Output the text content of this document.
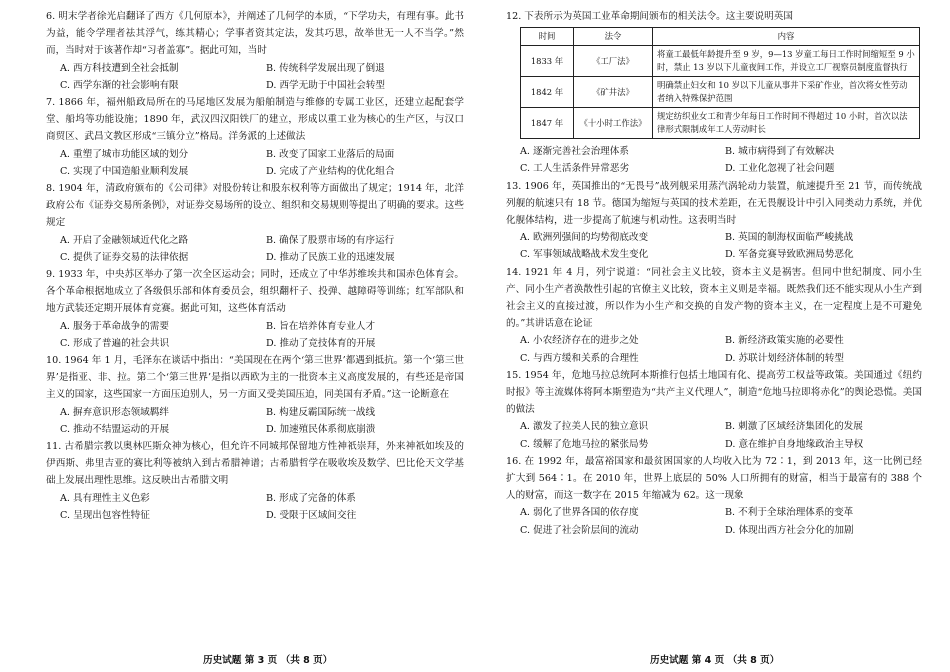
6. 明末学者徐光启翻译了西方《几何原本》，并阐述了几何学的本质，“下学功夫，有理有事。此书为益，能令学理者祛其浮气，练其精心；学事者资其定法，发其巧思，故举世无一人不当学。”然而，当时对于该著作却“习者盖寡”。据此可知，当时
A. 西方科技遭到全社会抵制	B. 传统科学发展出现了倒退
C. 西学东渐的社会影响有限	D. 西学无助于中国社会转型
7. 1866 年，福州船政局所在的马尾地区发展为船舶制造与维修的专属工业区，还建立起配套学堂、船坞等功能设施；1890 年，武汉四汉阳铁厂的建立，形成以重工业为核心的生产区，与汉口商贸区、武昌文教区形成“三镇分立”格局。洋务派的上述做法
A. 重塑了城市功能区域的划分	B. 改变了国家工业落后的局面
C. 实现了中国造船业顺利发展	D. 完成了产业结构的优化组合
8. 1904 年，清政府颁布的《公司律》对股份转让和股东权利等方面做出了规定；1914 年，北洋政府公布《证券交易所条例》，对证券交易场所的设立、组织和交易规则等提出了明确的要求。这些规定
A. 开启了金融领域近代化之路	B. 确保了股票市场的有序运行
C. 提供了证券交易的法律依据	D. 推动了民族工业的迅速发展
9. 1933 年，中央苏区举办了第一次全区运动会；同时，还成立了中华苏维埃共和国赤色体育会。各个革命根据地成立了各级俱乐部和体育委员会，组织翻杆子、投弹、越障碍等训练；红军部队和地方武装还定期开展体育竞赛。据此可知，这些体育活动
A. 服务于革命战争的需要	B. 旨在培养体育专业人才
C. 形成了普遍的社会共识	D. 推动了竞技体育的开展
10. 1964 年 1 月，毛泽东在谈话中指出：“美国现在在两个‘第三世界’都遇到抵抗。第一个‘第三世界’是指亚、非、拉。第二个‘第三世界’是指以西欧为主的一批资本主义高度发展的，有些还是帝国主义的国家，这些国家一方面压迫别人，另一方面又受美国压迫，同美国有矛盾。”这一论断意在
A. 摒弃意识形态领域羁绊	B. 构建反霸国际统一战线
C. 推动不结盟运动的开展	D. 加速殖民体系彻底崩溃
11. 古希腊宗教以奥林匹斯众神为核心，但允许不同城邦保留地方性神祇崇拜，外来神祇如埃及的伊西斯、弗里吉亚的赛比利等被纳入到古希腊神谱；古希腊哲学在吸收埃及数学、巴比伦天文学基础上发展出理性思维。这反映出古希腊文明
A. 具有理性主义色彩	B. 形成了完备的体系
C. 呈现出包容性特征	D. 受限于区域间交往
12. 下表所示为英国工业革命期间颁布的相关法令。这主要说明英国
时间	法令	内容
1833 年	《工厂法》	将童工最低年龄提升至 9 岁，9—13 岁童工每日工作时间缩短至 9 小时，禁止 13 岁以下儿童夜间工作，并设立工厂视察员制度监督执行
1842 年	《矿井法》	明确禁止妇女和 10 岁以下儿童从事井下采矿作业，首次将女性劳动者纳入特殊保护范围
1847 年	《十小时工作法》	规定纺织业女工和青少年每日工作时间不得超过 10 小时，首次以法律形式限制成年工人劳动时长
A. 逐渐完善社会治理体系	B. 城市病得到了有效解决
C. 工人生活条件异常恶劣	D. 工业化忽视了社会问题
13. 1906 年，英国推出的“无畏号”战列舰采用蒸汽涡轮动力装置，航速提升至 21 节，而传统战列舰的航速只有 18 节。德国为缩短与英国的技术差距，在无畏舰设计中引入同类动力系统，并优化舰体结构，进一步提高了航速与机动性。这表明当时
A. 欧洲列强间的均势彻底改变	B. 英国的制海权面临严峻挑战
C. 军事领域战略战术发生变化	D. 军备竞赛导致欧洲局势恶化
14. 1921 年 4 月，列宁说道：“同社会主义比较，资本主义是祸害。但同中世纪制度、同小生产、同小生产者涣散性引起的官僚主义比较，资本主义则是幸福。既然我们还不能实现从小生产到社会主义的直接过渡，所以作为小生产和交换的自发产物的资本主义，在一定程度上是不可避免的。”其讲话意在论证
A. 小农经济存在的进步之处	B. 新经济政策实施的必要性
C. 与西方缓和关系的合理性	D. 苏联计划经济体制的转型
15. 1954 年，危地马拉总统阿本斯推行包括土地国有化、提高劳工权益等政策。美国通过《纽约时报》等主流媒体将阿本斯塑造为“共产主义代理人”，制造“危地马拉即将赤化”的舆论恐慌。美国的做法
A. 激发了拉美人民的独立意识	B. 刺激了区域经济集团化的发展
C. 缓解了危地马拉的紧张局势	D. 意在维护自身地缘政治主导权
16. 在 1992 年，最富裕国家和最贫困国家的人均收入比为 72∶1，到 2013 年，这一比例已经扩大到 564∶1。在 2010 年，世界上底层的 50% 人口所拥有的财富，相当于最富有的 388 个人的财富，而这一数字在 2015 年缩减为 62。这一现象
A. 弱化了世界各国的依存度	B. 不利于全球治理体系的变革
C. 促进了社会阶层间的流动	D. 体现出西方社会分化的加剧
历史试题 第 3 页 （共 8 页）	历史试题 第 4 页 （共 8 页）
